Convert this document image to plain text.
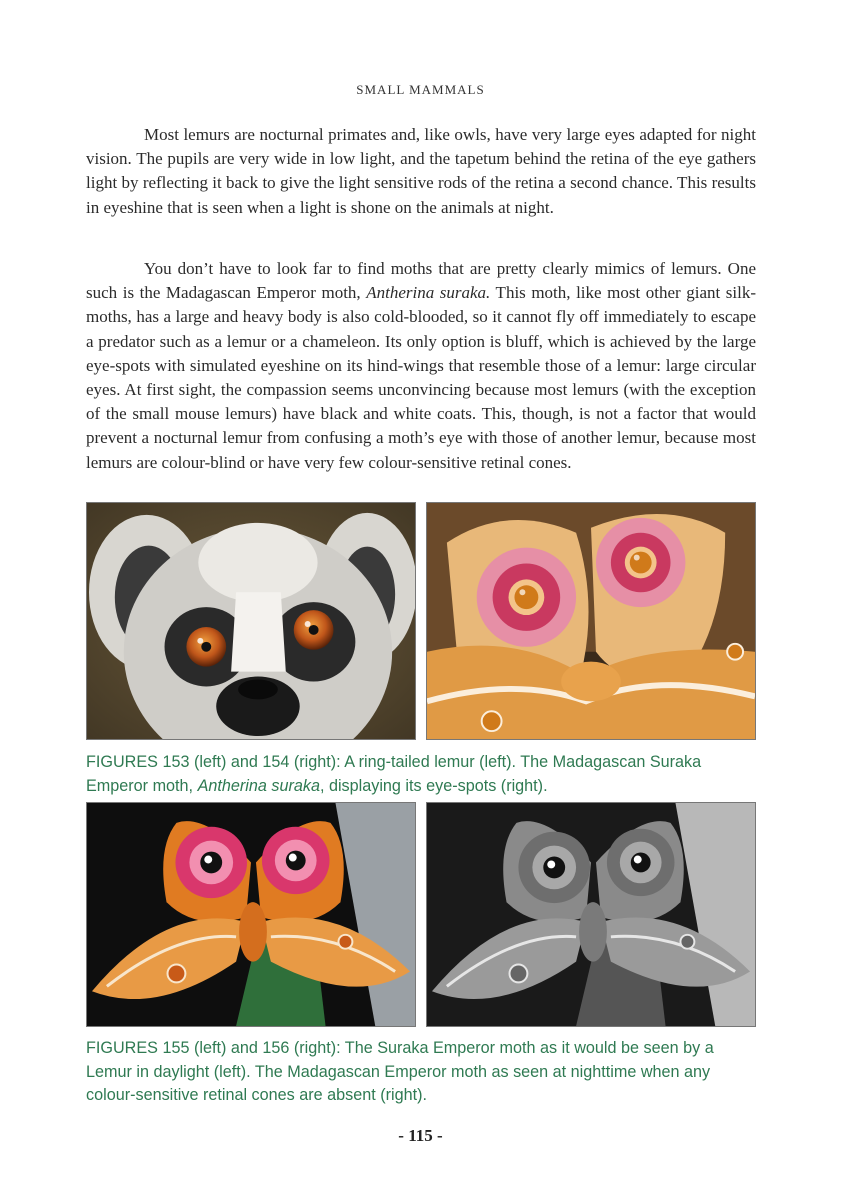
SMALL MAMMALS

Most lemurs are nocturnal primates and, like owls, have very large eyes adapted for night vision. The pupils are very wide in low light, and the tapetum behind the retina of the eye gathers light by reflecting it back to give the light sensitive rods of the retina a second chance. This results in eyeshine that is seen when a light is shone on the animals at night.

You don’t have to look far to find moths that are pretty clearly mimics of lemurs. One such is the Madagascan Emperor moth, Antherina suraka. This moth, like most other giant silk-moths, has a large and heavy body is also cold-blooded, so it cannot fly off immediately to escape a predator such as a lemur or a chameleon. Its only option is bluff, which is achieved by the large eye-spots with simulated eyeshine on its hind-wings that resemble those of a lemur: large circular eyes. At first sight, the compassion seems unconvincing because most lemurs (with the exception of the small mouse lemurs) have black and white coats. This, though, is not a factor that would prevent a nocturnal lemur from confusing a moth’s eye with those of another lemur, because most lemurs are colour-blind or have very few colour-sensitive retinal cones.

FIGURES 153 (left) and 154 (right): A ring-tailed lemur (left). The Madagascan Suraka Emperor moth, Antherina suraka, displaying its eye-spots (right).

FIGURES 155 (left) and 156 (right): The Suraka Emperor moth as it would be seen by a Lemur in daylight (left). The Madagascan Emperor moth as seen at nighttime when any colour-sensitive retinal cones are absent (right).

- 115 -
